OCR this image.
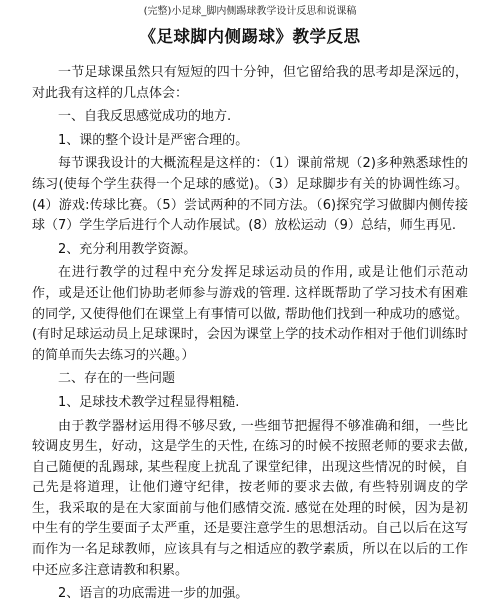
(完整)小足球_脚内侧踢球教学设计反思和说课稿
《足球脚内侧踢球》教学反思

一节足球课虽然只有短短的四十分钟，但它留给我的思考却是深远的，对此我有这样的几点体会：

一、自我反思感觉成功的地方.

1、课的整个设计是严密合理的。

每节课我设计的大概流程是这样的：（1）课前常规（2)多种熟悉球性的练习(使每个学生获得一个足球的感觉)。（3）足球脚步有关的协调性练习。(4）游戏:传球比赛。（5）尝试两种的不同方法。（6)探究学习做脚内侧传接球（7）学生学后进行个人动作展试。(8）放松运动（9）总结，师生再见.

2、充分利用教学资源。

在进行教学的过程中充分发挥足球运动员的作用, 或是让他们示范动作，或是还让他们协助老师参与游戏的管理. 这样既帮助了学习技术有困难的同学, 又使得他们在课堂上有事情可以做, 帮助他们找到一种成功的感觉。(有时足球运动员上足球课时，会因为课堂上学的技术动作相对于他们训练时的简单而失去练习的兴趣。）

二、存在的一些问题

1、足球技术教学过程显得粗糙.

由于教学器材运用得不够尽致, 一些细节把握得不够准确和细，一些比较调皮男生，好动，这是学生的天性, 在练习的时候不按照老师的要求去做, 自己随便的乱踢球, 某些程度上扰乱了课堂纪律，出现这些情况的时候，自己先是将道理，让他们遵守纪律，按老师的要求去做, 有些特别调皮的学生，我采取的是在大家面前与他们感情交流. 感觉在处理的时候，因为是初中生有的学生要面子太严重，还是要注意学生的思想活动。自己以后在这写而作为一名足球教师，应该具有与之相适应的教学素质，所以在以后的工作中还应多注意请教和积累。

2、语言的功底需进一步的加强。
